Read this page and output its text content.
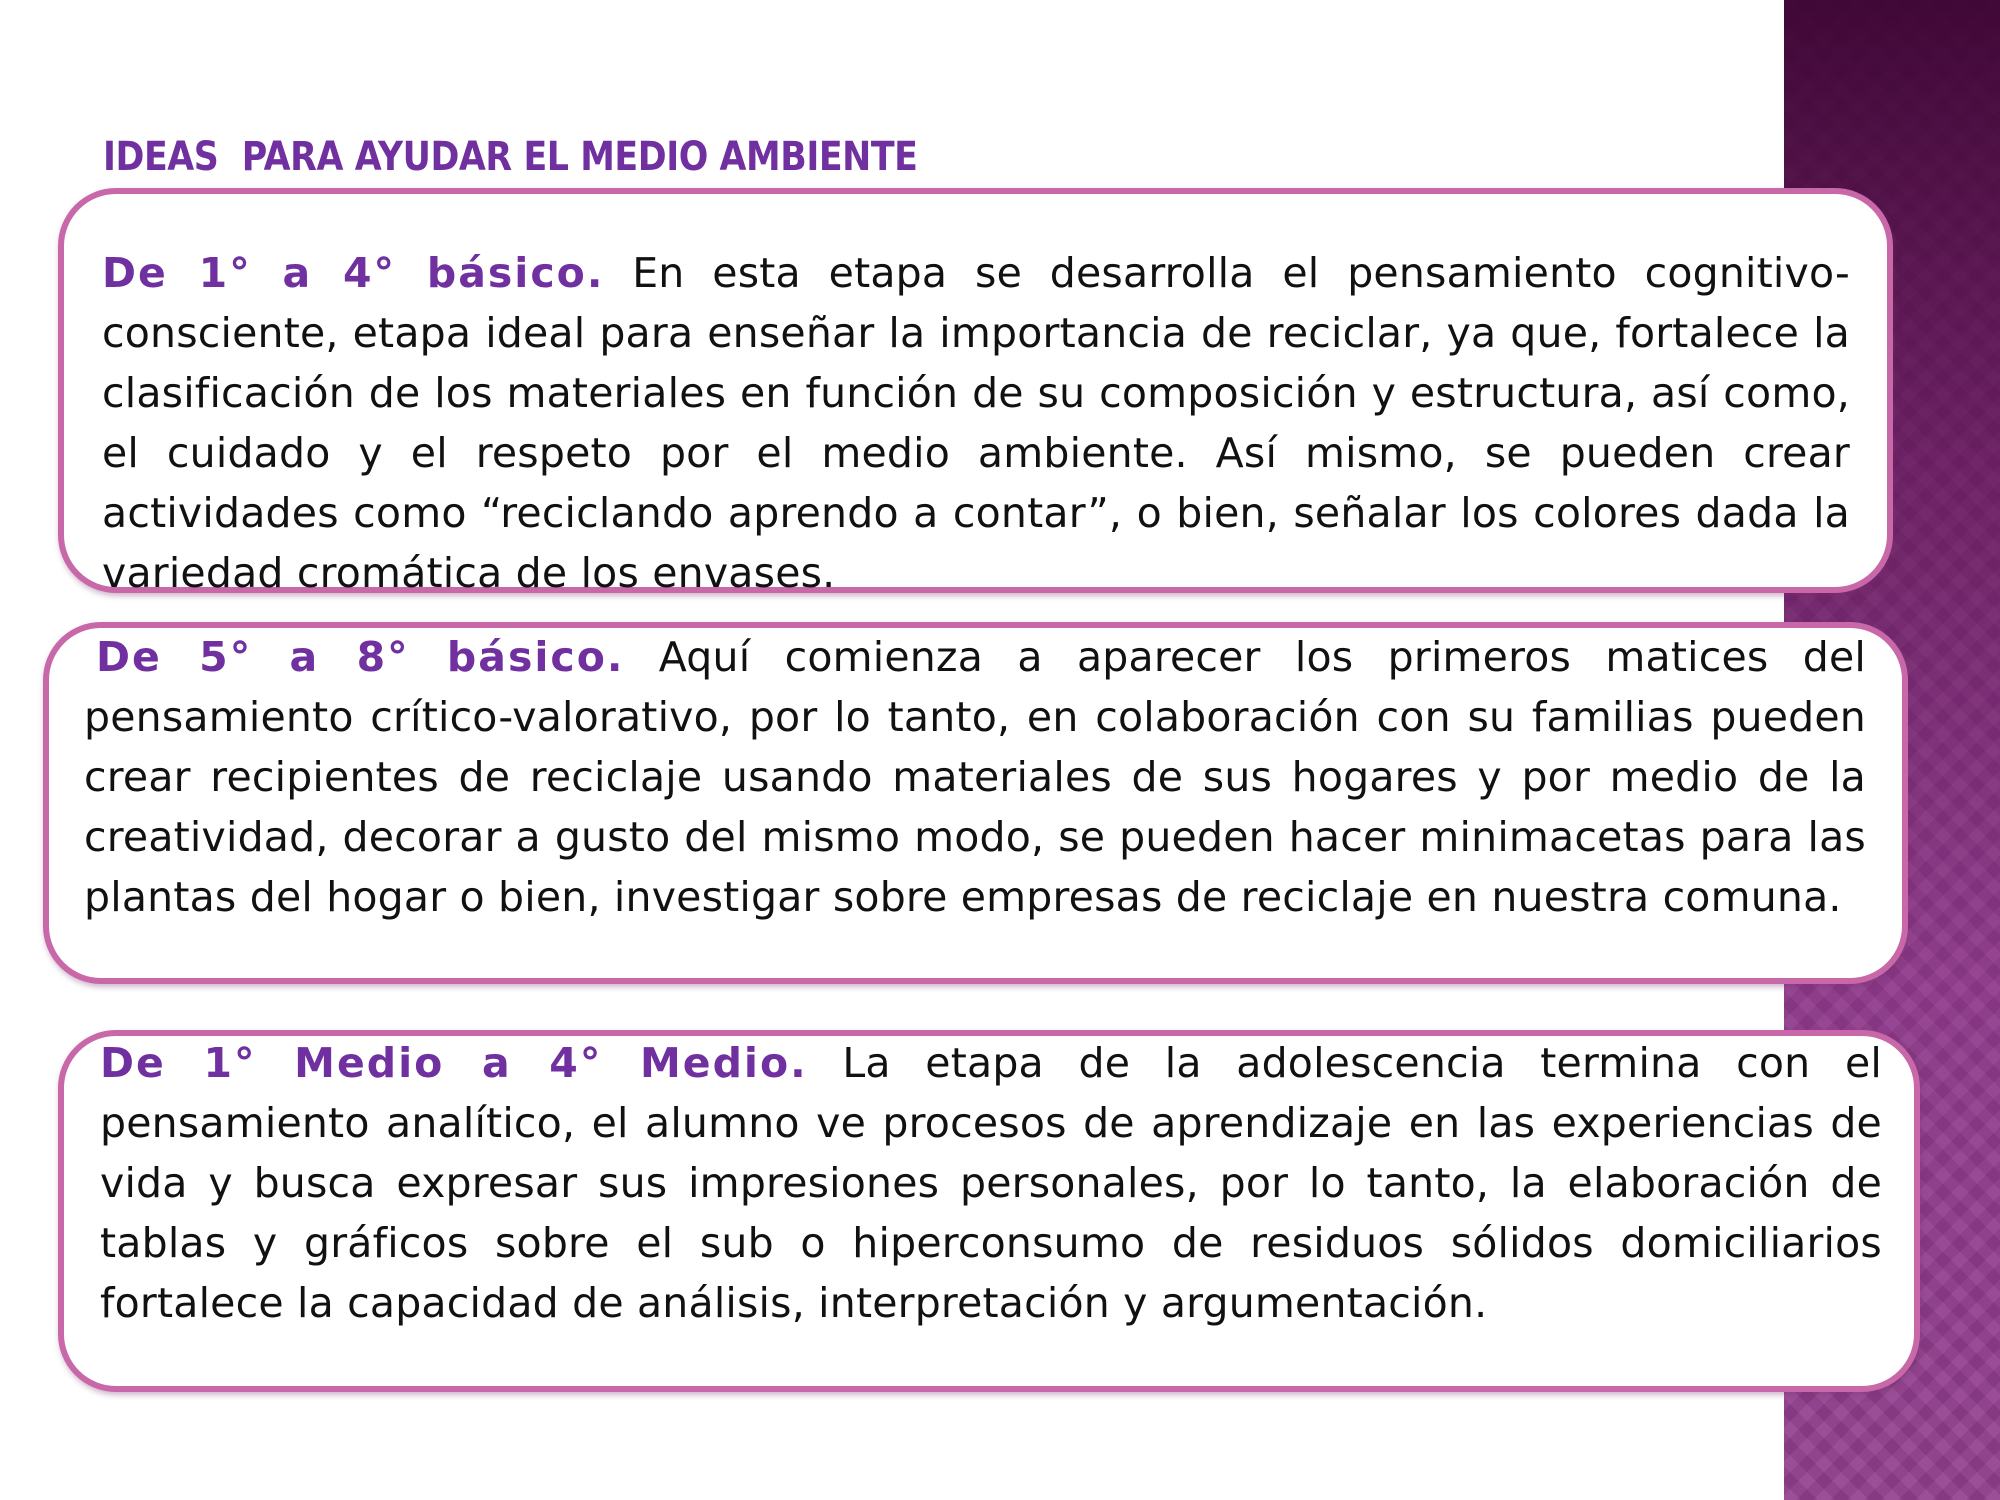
IDEAS  PARA AYUDAR EL MEDIO AMBIENTE

De 1° a 4° básico. En esta etapa se desarrolla el pensamiento cognitivo-consciente, etapa ideal para enseñar la importancia de reciclar, ya que, fortalece la clasificación de los materiales en función de su composición y estructura, así como, el cuidado y el respeto por el medio ambiente. Así mismo, se pueden crear actividades como “reciclando aprendo a contar”, o bien, señalar los colores dada la variedad cromática de los envases.

De 5° a 8° básico. Aquí comienza a aparecer los primeros matices del pensamiento crítico-valorativo, por lo tanto, en colaboración con su familias pueden crear recipientes de reciclaje usando materiales de sus hogares y por medio de la creatividad, decorar a gusto del mismo modo, se pueden hacer minimacetas para las plantas del hogar o bien, investigar sobre empresas de reciclaje en nuestra comuna.

De 1° Medio a 4° Medio. La etapa de la adolescencia termina con el pensamiento analítico, el alumno ve procesos de aprendizaje en las experiencias de vida y busca expresar sus impresiones personales, por lo tanto, la elaboración de tablas y gráficos sobre el sub o hiperconsumo de residuos sólidos domiciliarios fortalece la capacidad de análisis, interpretación y argumentación.
